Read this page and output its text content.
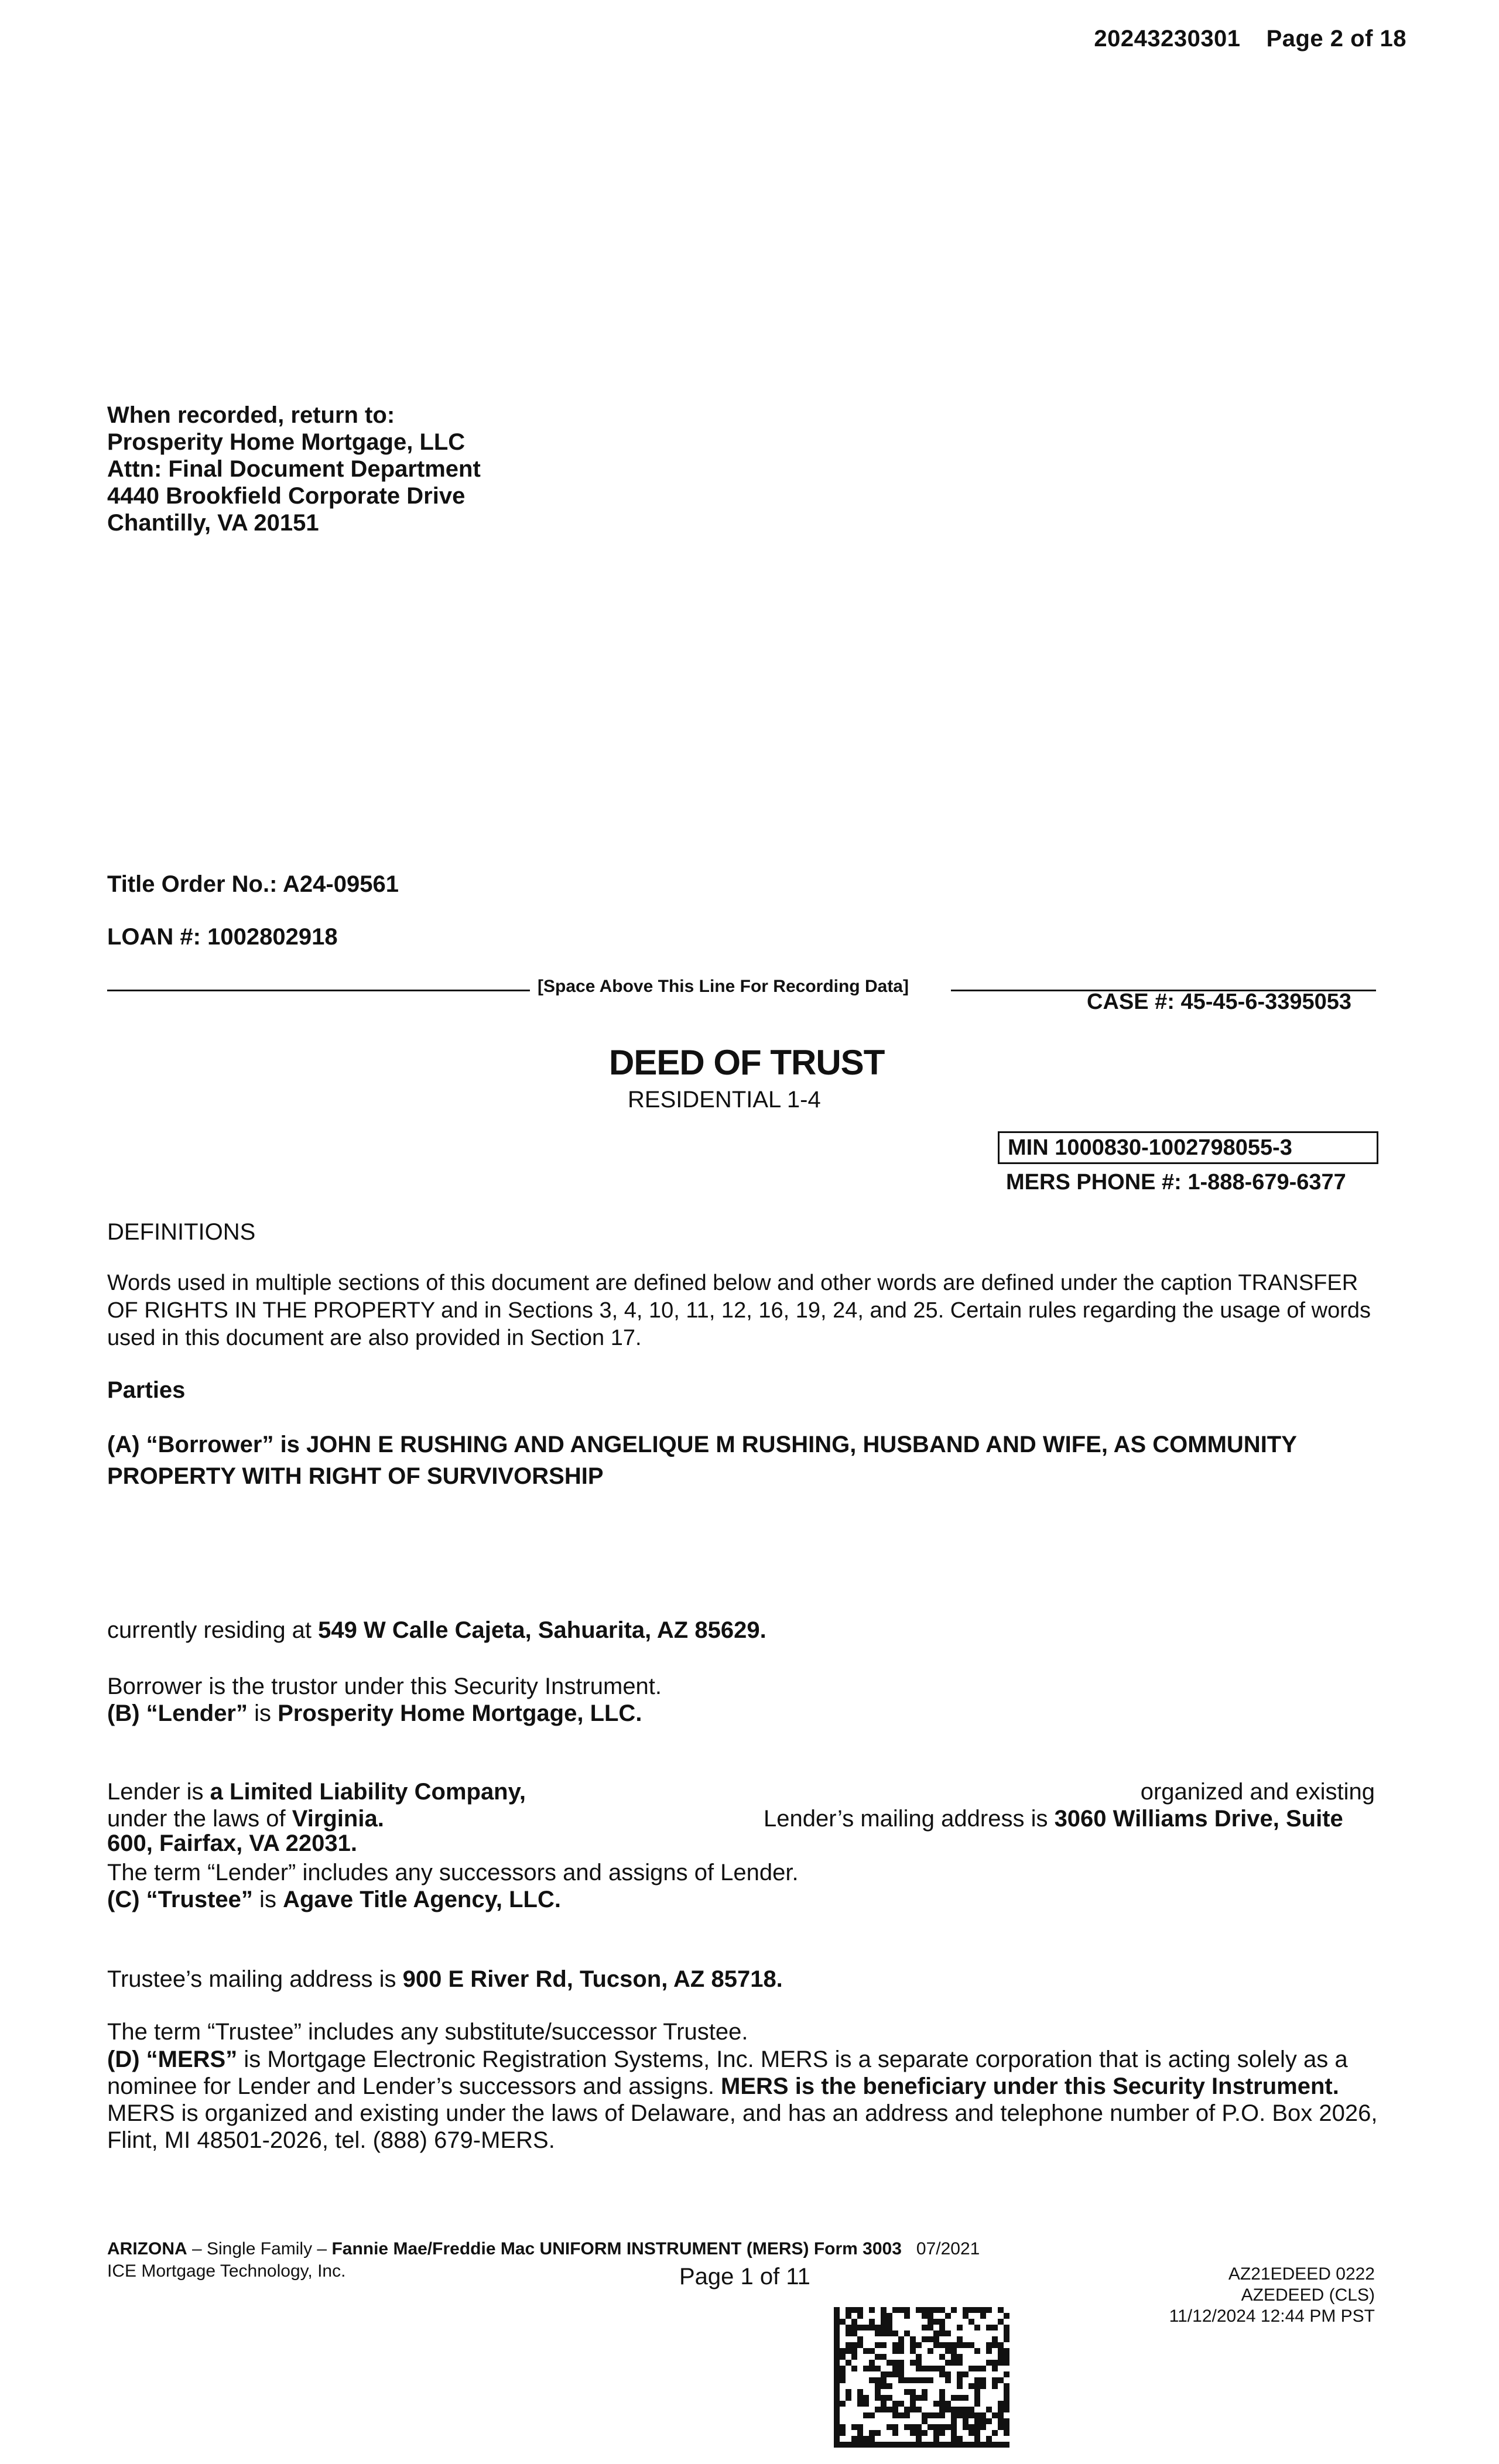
20243230301 Page 2 of 18
When recorded, return to:
Prosperity Home Mortgage, LLC
Attn: Final Document Department
4440 Brookfield Corporate Drive
Chantilly, VA 20151
Title Order No.: A24-09561
LOAN #: 1002802918
[Space Above This Line For Recording Data]
CASE #: 45-45-6-3395053
DEED OF TRUST
RESIDENTIAL 1-4
MIN 1000830-1002798055-3
MERS PHONE #: 1-888-679-6377
DEFINITIONS
Words used in multiple sections of this document are defined below and other words are defined under the caption TRANSFER OF RIGHTS IN THE PROPERTY and in Sections 3, 4, 10, 11, 12, 16, 19, 24, and 25. Certain rules regarding the usage of words used in this document are also provided in Section 17.
Parties
(A) “Borrower” is JOHN E RUSHING AND ANGELIQUE M RUSHING, HUSBAND AND WIFE, AS COMMUNITY PROPERTY WITH RIGHT OF SURVIVORSHIP
currently residing at 549 W Calle Cajeta, Sahuarita, AZ 85629.
Borrower is the trustor under this Security Instrument.
(B) “Lender” is Prosperity Home Mortgage, LLC.
Lender is a Limited Liability Company,	organized and existing
under the laws of Virginia.	Lender’s mailing address is 3060 Williams Drive, Suite
600, Fairfax, VA 22031.
The term “Lender” includes any successors and assigns of Lender.
(C) “Trustee” is Agave Title Agency, LLC.
Trustee’s mailing address is 900 E River Rd, Tucson, AZ 85718.
The term “Trustee” includes any substitute/successor Trustee.
(D) “MERS” is Mortgage Electronic Registration Systems, Inc. MERS is a separate corporation that is acting solely as a nominee for Lender and Lender’s successors and assigns. MERS is the beneficiary under this Security Instrument. MERS is organized and existing under the laws of Delaware, and has an address and telephone number of P.O. Box 2026, Flint, MI 48501-2026, tel. (888) 679-MERS.
ARIZONA – Single Family – Fannie Mae/Freddie Mac UNIFORM INSTRUMENT (MERS) Form 3003 07/2021
ICE Mortgage Technology, Inc.	Page 1 of 11	AZ21EDEED 0222
AZEDEED (CLS)
11/12/2024 12:44 PM PST
